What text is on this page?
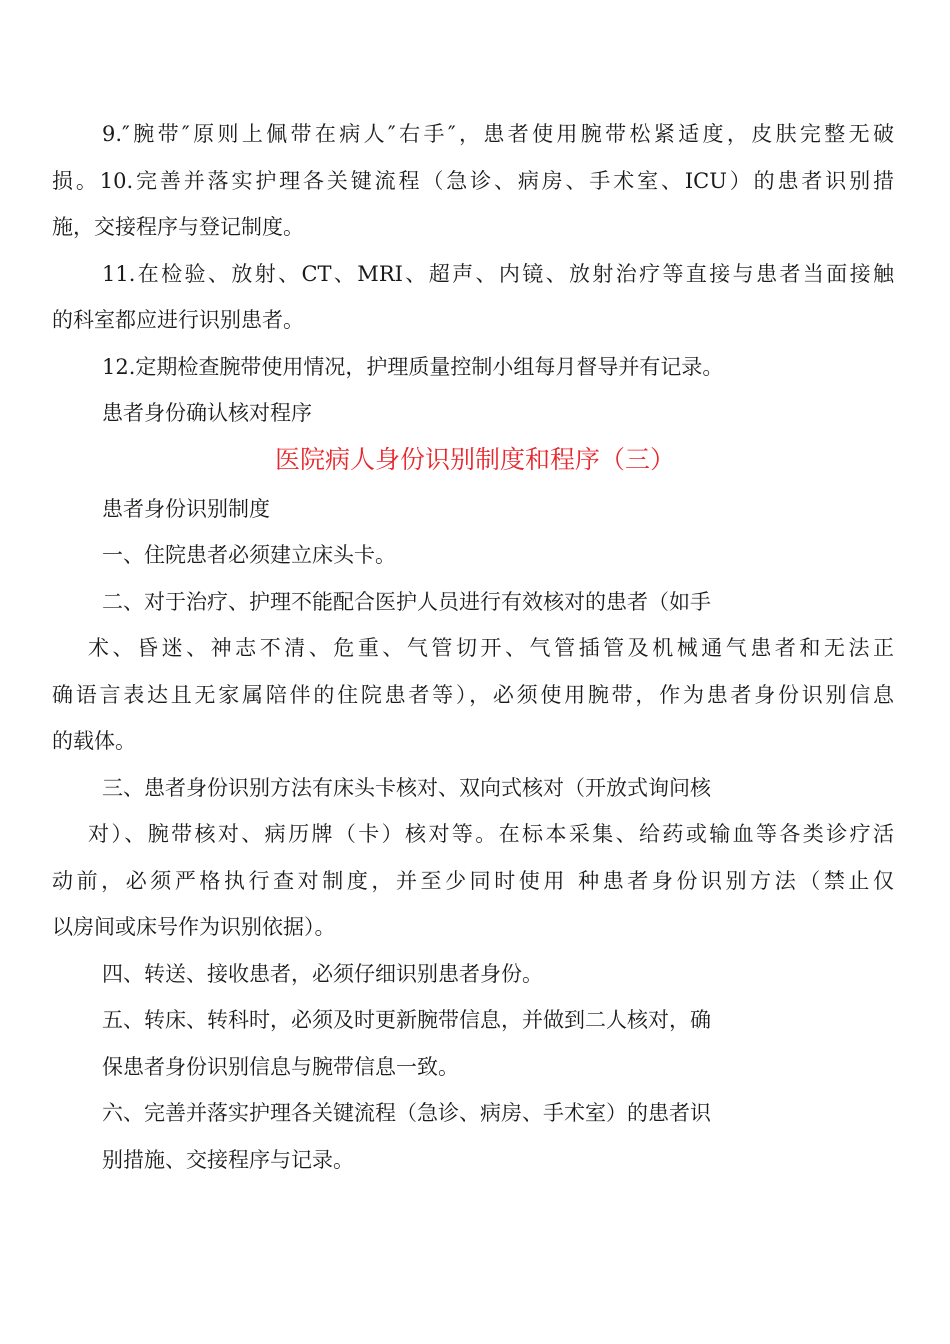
9.″腕带″原则上佩带在病人″右手″，患者使用腕带松紧适度，皮肤完整无破
损。10.完善并落实护理各关键流程（急诊、病房、手术室、ICU）的患者识别措
施，交接程序与登记制度。
11.在检验、放射、CT、MRI、超声、内镜、放射治疗等直接与患者当面接触
的科室都应进行识别患者。
12.定期检查腕带使用情况，护理质量控制小组每月督导并有记录。
患者身份确认核对程序
医院病人身份识别制度和程序（三）
患者身份识别制度
一、住院患者必须建立床头卡。
二、对于治疗、护理不能配合医护人员进行有效核对的患者（如手
术、昏迷、神志不清、危重、气管切开、气管插管及机械通气患者和无法正
确语言表达且无家属陪伴的住院患者等），必须使用腕带，作为患者身份识别信息
的载体。
三、患者身份识别方法有床头卡核对、双向式核对（开放式询问核
对）、腕带核对、病历牌（卡）核对等。在标本采集、给药或输血等各类诊疗活
动前，必须严格执行查对制度，并至少同时使用 种患者身份识别方法（禁止仅
以房间或床号作为识别依据）。
四、转送、接收患者，必须仔细识别患者身份。
五、转床、转科时，必须及时更新腕带信息，并做到二人核对，确
保患者身份识别信息与腕带信息一致。
六、完善并落实护理各关键流程（急诊、病房、手术室）的患者识
别措施、交接程序与记录。
